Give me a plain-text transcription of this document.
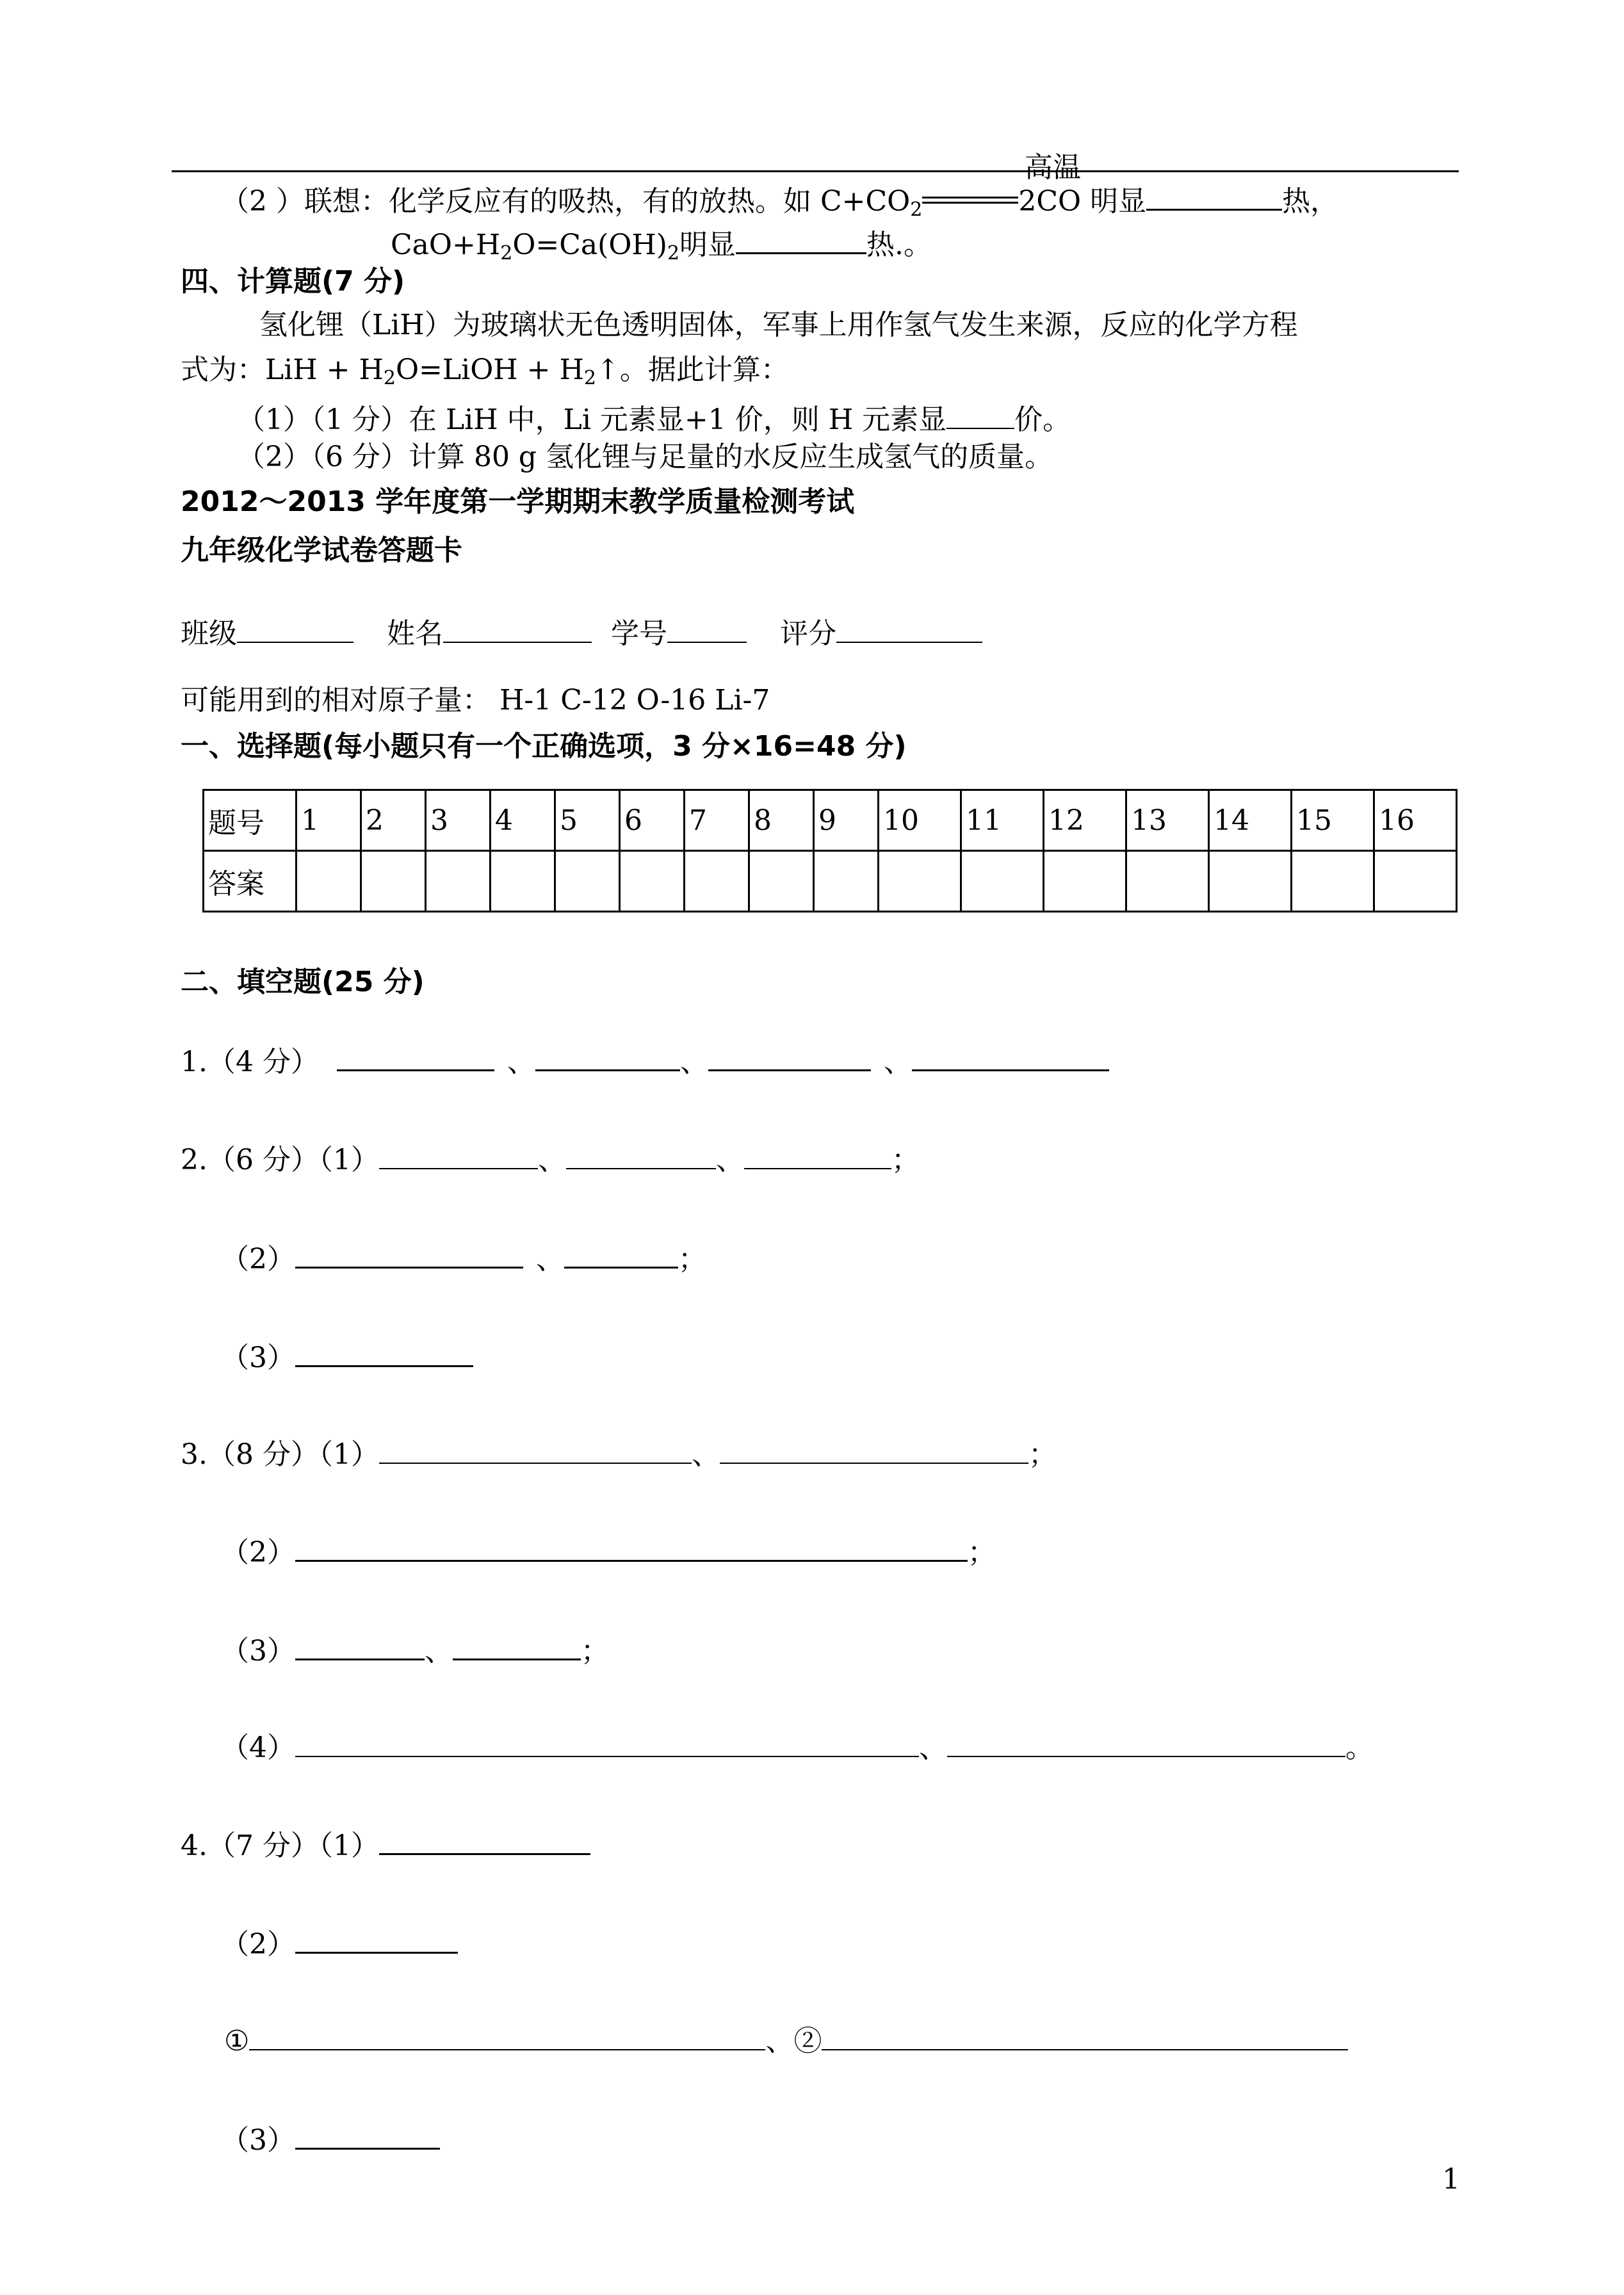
高温
（2 ）联想：化学反应有的吸热，有的放热。如 $C+CO_2$	2CO 明显	热，
$CaO+H_2O=Ca(OH)_2$明显	热.。
四、计算题(7 分)
氢化锂（LiH）为玻璃状无色透明固体，军事上用作氢气发生来源，反应的化学方程
式为：LiH + $H_2O=LiOH$ + $H_2↑$。据此计算：
（1）（1 分）在 LiH 中，Li 元素显+1 价，则 H 元素显 价。
（2）（6 分）计算 80 g 氢化锂与足量的水反应生成氢气的质量。
2012～2013 学年度第一学期期末教学质量检测考试
九年级化学试卷答题卡
班级	姓名	学号	评分
可能用到的相对原子量： H-1 C-12 O-16 Li-7
一、选择题(每小题只有一个正确选项，3 分×16=48 分)
题号	1	2	3	4	5	6	7	8	9	10	11	12	13	14	15	16
答案																
二、填空题(25 分)
1.（4 分）	、	、	、
2.（6 分）（1）	、	、	；
（2）	、	；
（3）
3.（8 分）（1）	、	；
（2）	；
（3）	、	；
（4）	、	。
4.（7 分）（1）
（2）
①	、②
（3）
1
